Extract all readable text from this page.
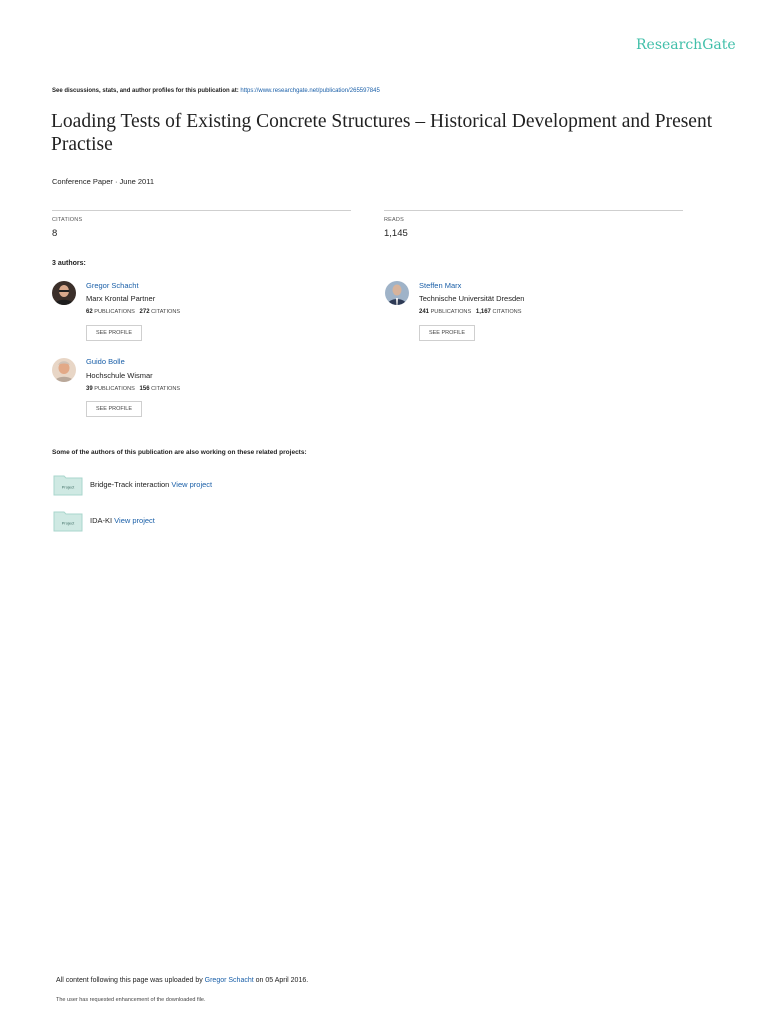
ResearchGate
See discussions, stats, and author profiles for this publication at: https://www.researchgate.net/publication/265597845
Loading Tests of Existing Concrete Structures – Historical Development and Present Practise
Conference Paper · June 2011
CITATIONS
8
READS
1,145
3 authors:
Gregor Schacht
Marx Krontal Partner
62 PUBLICATIONS 272 CITATIONS
SEE PROFILE
Steffen Marx
Technische Universität Dresden
241 PUBLICATIONS 1,167 CITATIONS
SEE PROFILE
Guido Bolle
Hochschule Wismar
39 PUBLICATIONS 156 CITATIONS
SEE PROFILE
Some of the authors of this publication are also working on these related projects:
Project Bridge-Track interaction View project
Project IDA-KI View project
All content following this page was uploaded by Gregor Schacht on 05 April 2016.
The user has requested enhancement of the downloaded file.
